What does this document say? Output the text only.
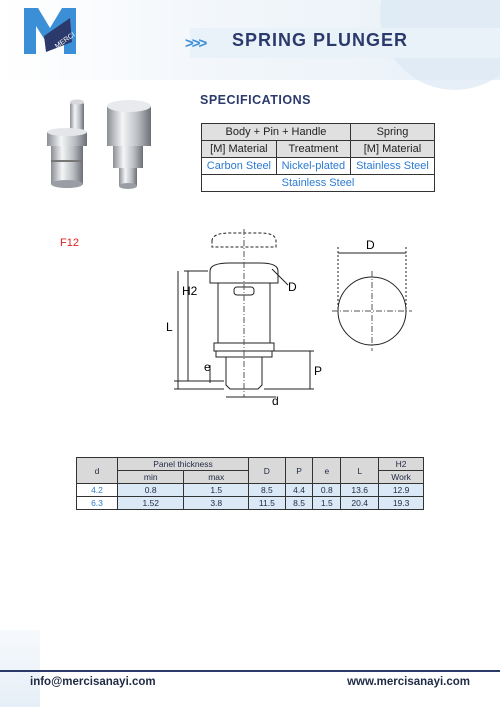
MERCI	>>> SPRING PLUNGER
SPECIFICATIONS
Body + Pin + Handle		Spring
[M] Material	Treatment	[M] Material
Carbon Steel	Nickel-plated	Stainless Steel
Stainless Steel		
F12
H2
L
D
D
P
e
d
d	Panel thickness		D	P	e	L	H2
	min	max					Work
4.2	0.8	1.5	8.5	4.4	0.8	13.6	12.9
6.3	1.52	3.8	11.5	8.5	1.5	20.4	19.3
info@mercisanayi.com	www.mercisanayi.com
